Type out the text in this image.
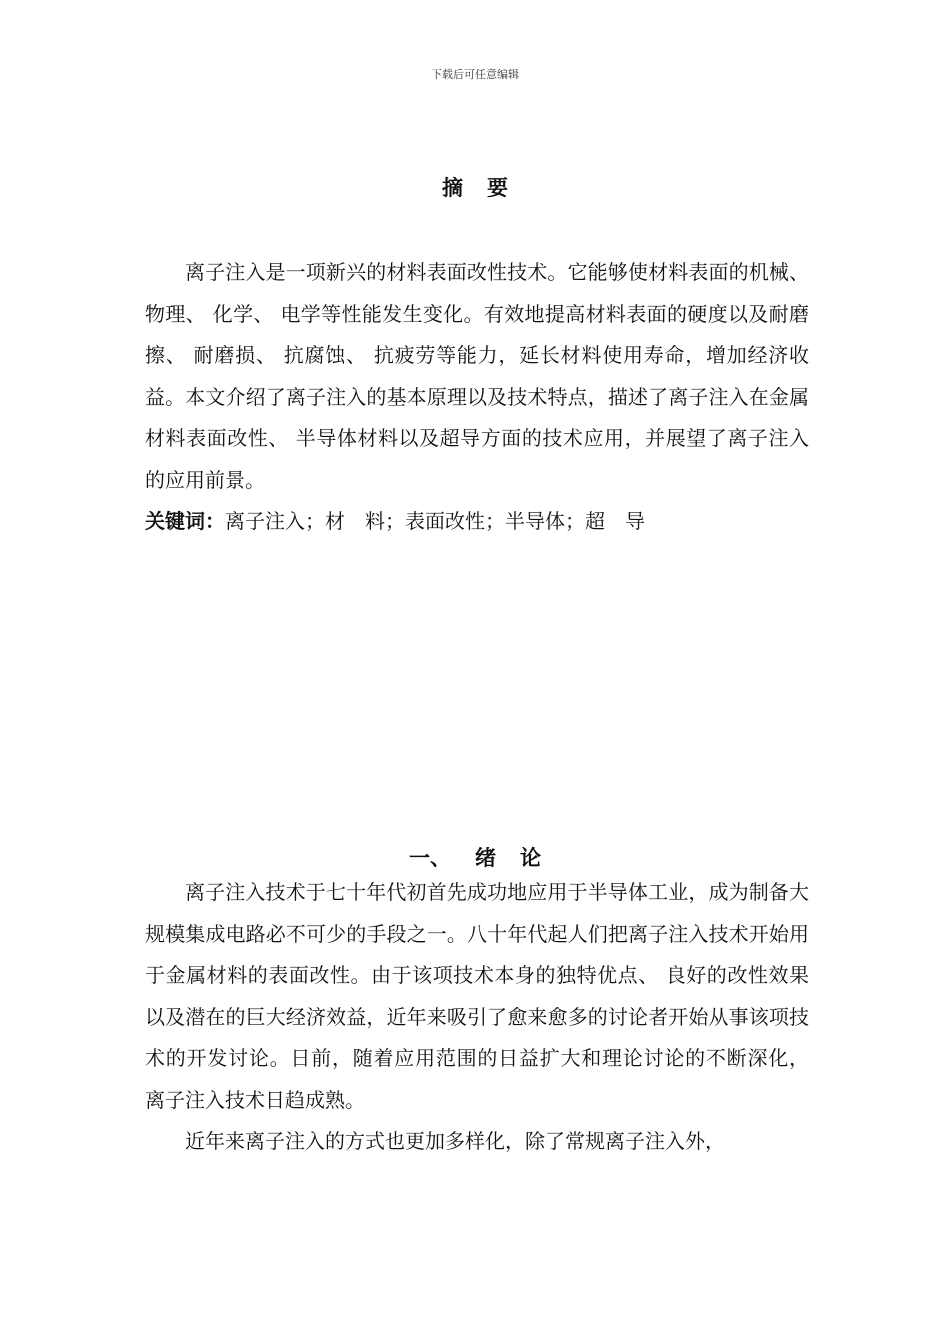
下载后可任意编辑
摘 要

离子注入是一项新兴的材料表面改性技术。它能够使材料表面的机械、 物理、 化学、 电学等性能发生变化。有效地提高材料表面的硬度以及耐磨擦、 耐磨损、 抗腐蚀、 抗疲劳等能力，延长材料使用寿命，增加经济收益。本文介绍了离子注入的基本原理以及技术特点，描述了离子注入在金属材料表面改性、 半导体材料以及超导方面的技术应用，并展望了离子注入的应用前景。

关键词：离子注入；材　料；表面改性；半导体；超　导

一、 绪 论

离子注入技术于七十年代初首先成功地应用于半导体工业，成为制备大规模集成电路必不可少的手段之一。八十年代起人们把离子注入技术开始用于金属材料的表面改性。由于该项技术本身的独特优点、 良好的改性效果以及潜在的巨大经济效益，近年来吸引了愈来愈多的讨论者开始从事该项技术的开发讨论。日前，随着应用范围的日益扩大和理论讨论的不断深化， 离子注入技术日趋成熟。

近年来离子注入的方式也更加多样化，除了常规离子注入外，
